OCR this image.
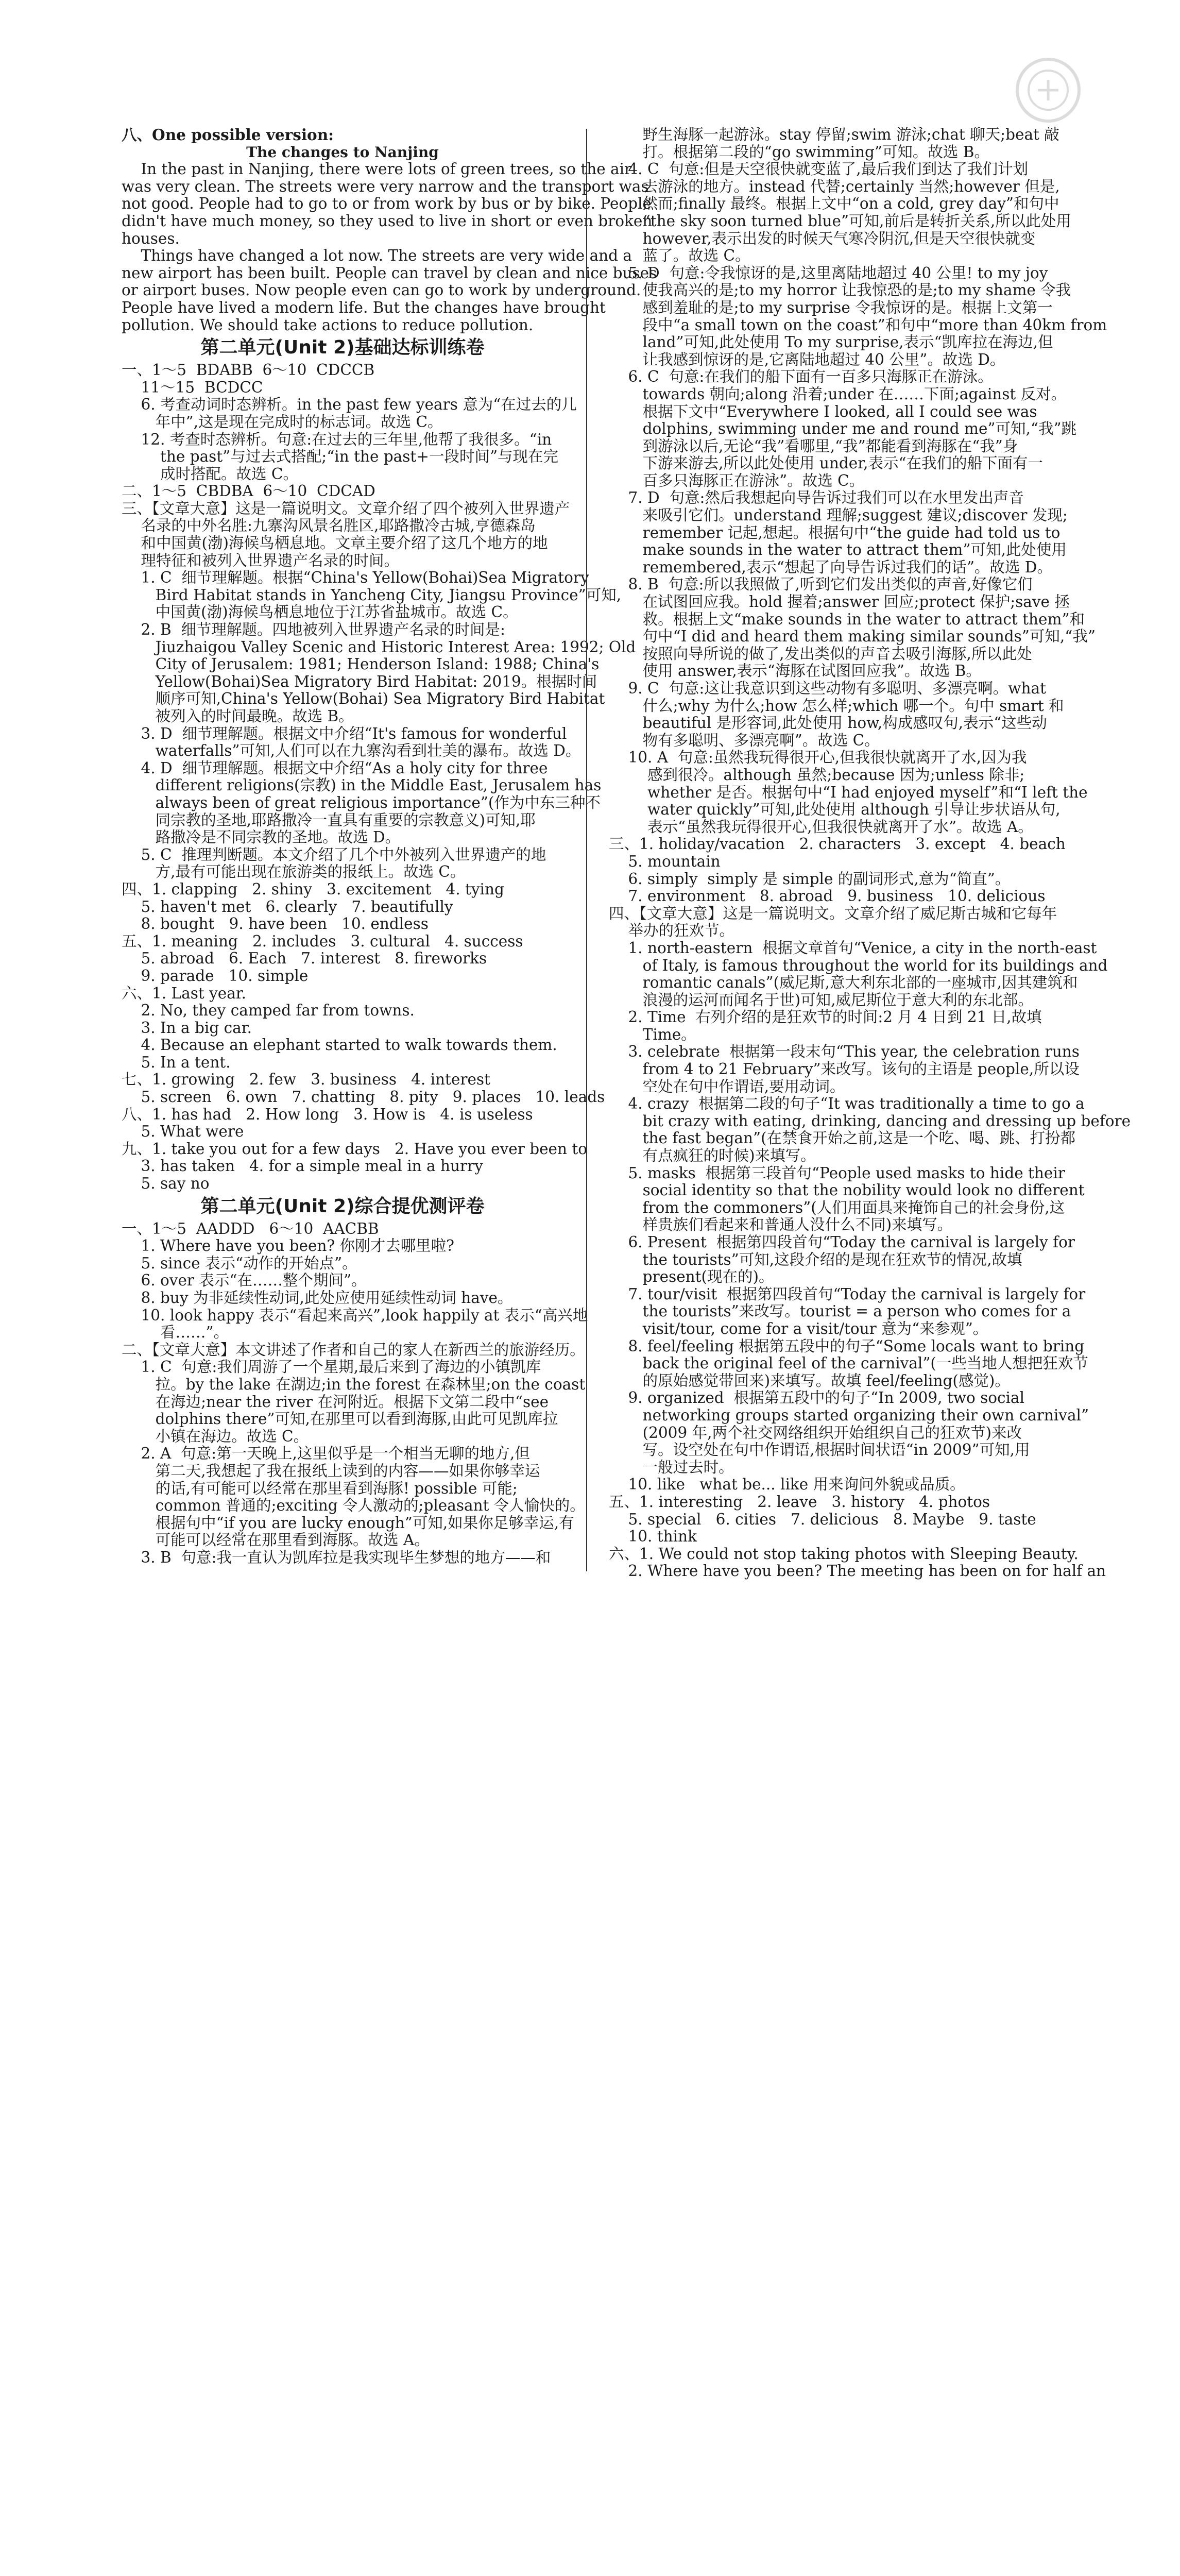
八、One possible version:
The changes to Nanjing
In the past in Nanjing, there were lots of green trees, so the air
was very clean. The streets were very narrow and the transport was
not good. People had to go to or from work by bus or by bike. People
didn't have much money, so they used to live in short or even broken
houses.
Things have changed a lot now. The streets are very wide and a
new airport has been built. People can travel by clean and nice buses
or airport buses. Now people even can go to work by underground.
People have lived a modern life. But the changes have brought
pollution. We should take actions to reduce pollution.
第二单元(Unit 2)基础达标训练卷
一、1～5  BDABB  6～10  CDCCB
11～15  BCDCC
6. 考查动词时态辨析。in the past few years 意为“在过去的几
年中”,这是现在完成时的标志词。故选 C。
12. 考查时态辨析。句意:在过去的三年里,他帮了我很多。“in
the past”与过去式搭配;“in the past+一段时间”与现在完
成时搭配。故选 C。
二、1～5  CBDBA  6～10  CDCAD
三、【文章大意】这是一篇说明文。文章介绍了四个被列入世界遗产
名录的中外名胜:九寨沟风景名胜区,耶路撒冷古城,亨德森岛
和中国黄(渤)海候鸟栖息地。文章主要介绍了这几个地方的地
理特征和被列入世界遗产名录的时间。
1. C  细节理解题。根据“China's Yellow(Bohai)Sea Migratory
Bird Habitat stands in Yancheng City, Jiangsu Province”可知,
中国黄(渤)海候鸟栖息地位于江苏省盐城市。故选 C。
2. B  细节理解题。四地被列入世界遗产名录的时间是:
Jiuzhaigou Valley Scenic and Historic Interest Area: 1992; Old
City of Jerusalem: 1981; Henderson Island: 1988; China's
Yellow(Bohai)Sea Migratory Bird Habitat: 2019。根据时间
顺序可知,China's Yellow(Bohai) Sea Migratory Bird Habitat
被列入的时间最晚。故选 B。
3. D  细节理解题。根据文中介绍“It's famous for wonderful
waterfalls”可知,人们可以在九寨沟看到壮美的瀑布。故选 D。
4. D  细节理解题。根据文中介绍“As a holy city for three
different religions(宗教) in the Middle East, Jerusalem has
always been of great religious importance”(作为中东三种不
同宗教的圣地,耶路撒冷一直具有重要的宗教意义)可知,耶
路撒冷是不同宗教的圣地。故选 D。
5. C  推理判断题。本文介绍了几个中外被列入世界遗产的地
方,最有可能出现在旅游类的报纸上。故选 C。
四、1. clapping   2. shiny   3. excitement   4. tying
5. haven't met   6. clearly   7. beautifully
8. bought   9. have been   10. endless
五、1. meaning   2. includes   3. cultural   4. success
5. abroad   6. Each   7. interest   8. fireworks
9. parade   10. simple
六、1. Last year.
2. No, they camped far from towns.
3. In a big car.
4. Because an elephant started to walk towards them.
5. In a tent.
七、1. growing   2. few   3. business   4. interest
5. screen   6. own   7. chatting   8. pity   9. places   10. leads
八、1. has had   2. How long   3. How is   4. is useless
5. What were
九、1. take you out for a few days   2. Have you ever been to
3. has taken   4. for a simple meal in a hurry
5. say no
第二单元(Unit 2)综合提优测评卷
一、1～5  AADDD   6～10  AACBB
1. Where have you been? 你刚才去哪里啦?
5. since 表示“动作的开始点”。
6. over 表示“在……整个期间”。
8. buy 为非延续性动词,此处应使用延续性动词 have。
10. look happy 表示“看起来高兴”,look happily at 表示“高兴地
看……”。
二、【文章大意】本文讲述了作者和自己的家人在新西兰的旅游经历。
1. C  句意:我们周游了一个星期,最后来到了海边的小镇凯库
拉。by the lake 在湖边;in the forest 在森林里;on the coast
在海边;near the river 在河附近。根据下文第二段中“see
dolphins there”可知,在那里可以看到海豚,由此可见凯库拉
小镇在海边。故选 C。
2. A  句意:第一天晚上,这里似乎是一个相当无聊的地方,但
第二天,我想起了我在报纸上读到的内容——如果你够幸运
的话,有可能可以经常在那里看到海豚! possible 可能;
common 普通的;exciting 令人激动的;pleasant 令人愉快的。
根据句中“if you are lucky enough”可知,如果你足够幸运,有
可能可以经常在那里看到海豚。故选 A。
3. B  句意:我一直认为凯库拉是我实现毕生梦想的地方——和
野生海豚一起游泳。stay 停留;swim 游泳;chat 聊天;beat 敲
打。根据第二段的“go swimming”可知。故选 B。
4. C  句意:但是天空很快就变蓝了,最后我们到达了我们计划
去游泳的地方。instead 代替;certainly 当然;however 但是,
然而;finally 最终。根据上文中“on a cold, grey day”和句中
“the sky soon turned blue”可知,前后是转折关系,所以此处用
however,表示出发的时候天气寒冷阴沉,但是天空很快就变
蓝了。故选 C。
5. D  句意:令我惊讶的是,这里离陆地超过 40 公里! to my joy
使我高兴的是;to my horror 让我惊恐的是;to my shame 令我
感到羞耻的是;to my surprise 令我惊讶的是。根据上文第一
段中“a small town on the coast”和句中“more than 40km from
land”可知,此处使用 To my surprise,表示“凯库拉在海边,但
让我感到惊讶的是,它离陆地超过 40 公里”。故选 D。
6. C  句意:在我们的船下面有一百多只海豚正在游泳。
towards 朝向;along 沿着;under 在……下面;against 反对。
根据下文中“Everywhere I looked, all I could see was
dolphins, swimming under me and round me”可知,“我”跳
到游泳以后,无论“我”看哪里,“我”都能看到海豚在“我”身
下游来游去,所以此处使用 under,表示“在我们的船下面有一
百多只海豚正在游泳”。故选 C。
7. D  句意:然后我想起向导告诉过我们可以在水里发出声音
来吸引它们。understand 理解;suggest 建议;discover 发现;
remember 记起,想起。根据句中“the guide had told us to
make sounds in the water to attract them”可知,此处使用
remembered,表示“想起了向导告诉过我们的话”。故选 D。
8. B  句意:所以我照做了,听到它们发出类似的声音,好像它们
在试图回应我。hold 握着;answer 回应;protect 保护;save 拯
救。根据上文“make sounds in the water to attract them”和
句中“I did and heard them making similar sounds”可知,“我”
按照向导所说的做了,发出类似的声音去吸引海豚,所以此处
使用 answer,表示“海豚在试图回应我”。故选 B。
9. C  句意:这让我意识到这些动物有多聪明、多漂亮啊。what
什么;why 为什么;how 怎么样;which 哪一个。句中 smart 和
beautiful 是形容词,此处使用 how,构成感叹句,表示“这些动
物有多聪明、多漂亮啊”。故选 C。
10. A  句意:虽然我玩得很开心,但我很快就离开了水,因为我
感到很冷。although 虽然;because 因为;unless 除非;
whether 是否。根据句中“I had enjoyed myself”和“I left the
water quickly”可知,此处使用 although 引导让步状语从句,
表示“虽然我玩得很开心,但我很快就离开了水”。故选 A。
三、1. holiday/vacation   2. characters   3. except   4. beach
5. mountain
6. simply  simply 是 simple 的副词形式,意为“简直”。
7. environment   8. abroad   9. business   10. delicious
四、【文章大意】这是一篇说明文。文章介绍了威尼斯古城和它每年
举办的狂欢节。
1. north-eastern  根据文章首句“Venice, a city in the north-east
of Italy, is famous throughout the world for its buildings and
romantic canals”(威尼斯,意大利东北部的一座城市,因其建筑和
浪漫的运河而闻名于世)可知,威尼斯位于意大利的东北部。
2. Time  右列介绍的是狂欢节的时间:2 月 4 日到 21 日,故填
Time。
3. celebrate  根据第一段末句“This year, the celebration runs
from 4 to 21 February”来改写。该句的主语是 people,所以设
空处在句中作谓语,要用动词。
4. crazy  根据第二段的句子“It was traditionally a time to go a
bit crazy with eating, drinking, dancing and dressing up before
the fast began”(在禁食开始之前,这是一个吃、喝、跳、打扮都
有点疯狂的时候)来填写。
5. masks  根据第三段首句“People used masks to hide their
social identity so that the nobility would look no different
from the commoners”(人们用面具来掩饰自己的社会身份,这
样贵族们看起来和普通人没什么不同)来填写。
6. Present  根据第四段首句“Today the carnival is largely for
the tourists”可知,这段介绍的是现在狂欢节的情况,故填
present(现在的)。
7. tour/visit  根据第四段首句“Today the carnival is largely for
the tourists”来改写。tourist = a person who comes for a
visit/tour, come for a visit/tour 意为“来参观”。
8. feel/feeling 根据第五段中的句子“Some locals want to bring
back the original feel of the carnival”(一些当地人想把狂欢节
的原始感觉带回来)来填写。故填 feel/feeling(感觉)。
9. organized  根据第五段中的句子“In 2009, two social
networking groups started organizing their own carnival”
(2009 年,两个社交网络组织开始组织自己的狂欢节)来改
写。设空处在句中作谓语,根据时间状语“in 2009”可知,用
一般过去时。
10. like   what be... like 用来询问外貌或品质。
五、1. interesting   2. leave   3. history   4. photos
5. special   6. cities   7. delicious   8. Maybe   9. taste
10. think
六、1. We could not stop taking photos with Sleeping Beauty.
2. Where have you been? The meeting has been on for half an
